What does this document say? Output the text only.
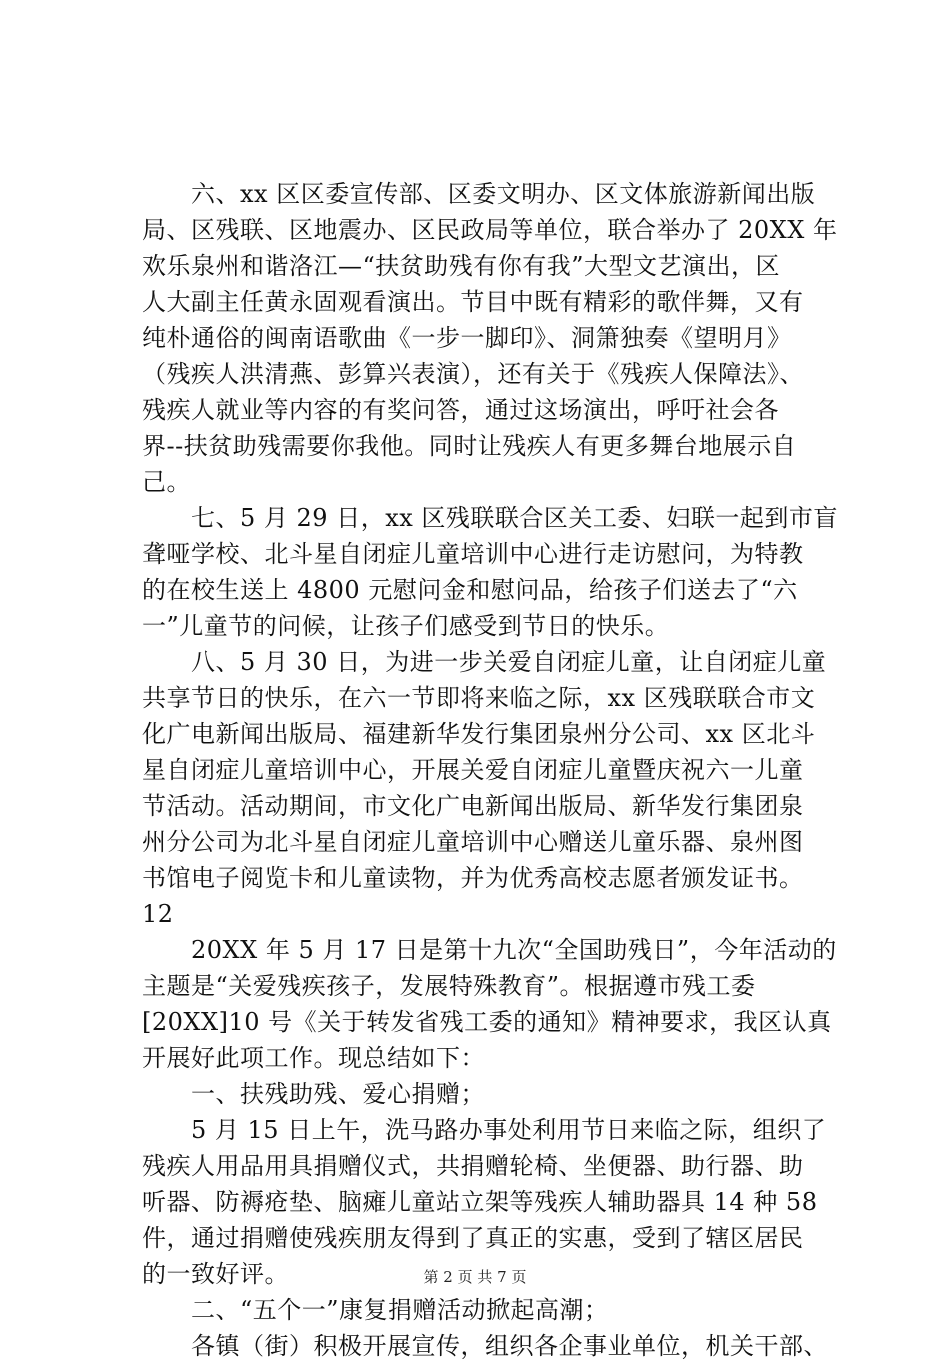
　　六、xx 区区委宣传部、区委文明办、区文体旅游新闻出版
局、区残联、区地震办、区民政局等单位，联合举办了 20XX 年
欢乐泉州和谐洛江—“扶贫助残有你有我”大型文艺演出，区
人大副主任黄永固观看演出。节目中既有精彩的歌伴舞，又有
纯朴通俗的闽南语歌曲《一步一脚印》、洞箫独奏《望明月》
（残疾人洪清燕、彭算兴表演），还有关于《残疾人保障法》、
残疾人就业等内容的有奖问答，通过这场演出，呼吁社会各
界--扶贫助残需要你我他。同时让残疾人有更多舞台地展示自
己。
　　七、5 月 29 日，xx 区残联联合区关工委、妇联一起到市盲
聋哑学校、北斗星自闭症儿童培训中心进行走访慰问，为特教
的在校生送上 4800 元慰问金和慰问品，给孩子们送去了“六
一”儿童节的问候，让孩子们感受到节日的快乐。
　　八、5 月 30 日，为进一步关爱自闭症儿童，让自闭症儿童
共享节日的快乐，在六一节即将来临之际，xx 区残联联合市文
化广电新闻出版局、福建新华发行集团泉州分公司、xx 区北斗
星自闭症儿童培训中心，开展关爱自闭症儿童暨庆祝六一儿童
节活动。活动期间，市文化广电新闻出版局、新华发行集团泉
州分公司为北斗星自闭症儿童培训中心赠送儿童乐器、泉州图
书馆电子阅览卡和儿童读物，并为优秀高校志愿者颁发证书。
12
　　20XX 年 5 月 17 日是第十九次“全国助残日”，今年活动的
主题是“关爱残疾孩子，发展特殊教育”。根据遵市残工委
[20XX]10 号《关于转发省残工委的通知》精神要求，我区认真
开展好此项工作。现总结如下：
　　一、扶残助残、爱心捐赠；
　　5 月 15 日上午，洗马路办事处利用节日来临之际，组织了
残疾人用品用具捐赠仪式，共捐赠轮椅、坐便器、助行器、助
听器、防褥疮垫、脑瘫儿童站立架等残疾人辅助器具 14 种 58
件，通过捐赠使残疾朋友得到了真正的实惠，受到了辖区居民
的一致好评。
　　二、“五个一”康复捐赠活动掀起高潮；
　　各镇（街）积极开展宣传，组织各企事业单位，机关干部、
第 2 页 共 7 页
